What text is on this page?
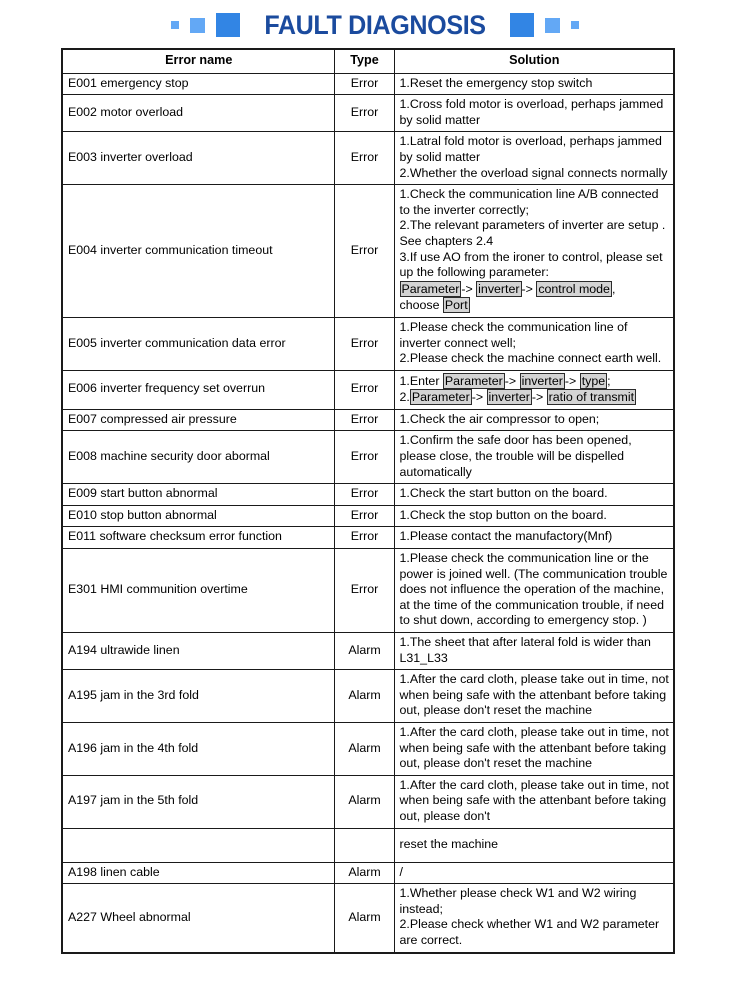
FAULT DIAGNOSIS
Error name	Type	Solution
E001 emergency stop	Error	1.Reset the emergency stop switch

E002 motor overload	Error	1.Cross fold motor is overload, perhaps jammed by solid matter

E003 inverter overload	Error	1.Latral fold motor is overload, perhaps jammed by solid matter
2.Whether the overload signal connects normally

E004 inverter communication timeout	Error	1.Check the communication line A/B connected to the inverter correctly;
2.The relevant parameters of inverter are setup . See chapters 2.4
3.If use AO from the ironer to control, please set up the following parameter:
Parameter -> inverter -> control mode ,
choose Port

E005 inverter communication data error	Error	1.Please check the communication line of inverter connect well;
2.Please check the machine connect earth well.

E006 inverter frequency set overrun	Error	1.Enter Parameter -> inverter -> type ;
2.Parameter -> inverter -> ratio of transmit

E007 compressed air pressure	Error	1.Check the air compressor to open;

E008 machine security door abormal	Error	1.Confirm the safe door has been opened, please close, the trouble will be dispelled automatically

E009 start button abnormal	Error	1.Check the start button on the board.

E010 stop button abnormal	Error	1.Check the stop button on the board.

E011 software checksum error function	Error	1.Please contact the manufactory(Mnf)

E301 HMI communition overtime	Error	1.Please check the communication line or the power is joined well. (The communication trouble does not influence the operation of the machine, at the time of the communication trouble, if need to shut down, according to emergency stop. )

A194 ultrawide linen	Alarm	1.The sheet that after lateral fold is wider than L31_L33

A195 jam in the 3rd fold	Alarm	1.After the card cloth, please take out in time, not when being safe with the attenbant before taking out, please don't reset the machine

A196 jam in the 4th fold	Alarm	1.After the card cloth, please take out in time, not when being safe with the attenbant before taking out, please don't reset the machine

A197 jam in the 5th fold	Alarm	1.After the card cloth, please take out in time, not when being safe with the attenbant before taking out, please don't

		reset the machine

A198 linen cable	Alarm	/

A227 Wheel abnormal	Alarm	1.Whether please check W1 and W2 wiring instead;
2.Please check whether W1 and W2 parameter are correct.
